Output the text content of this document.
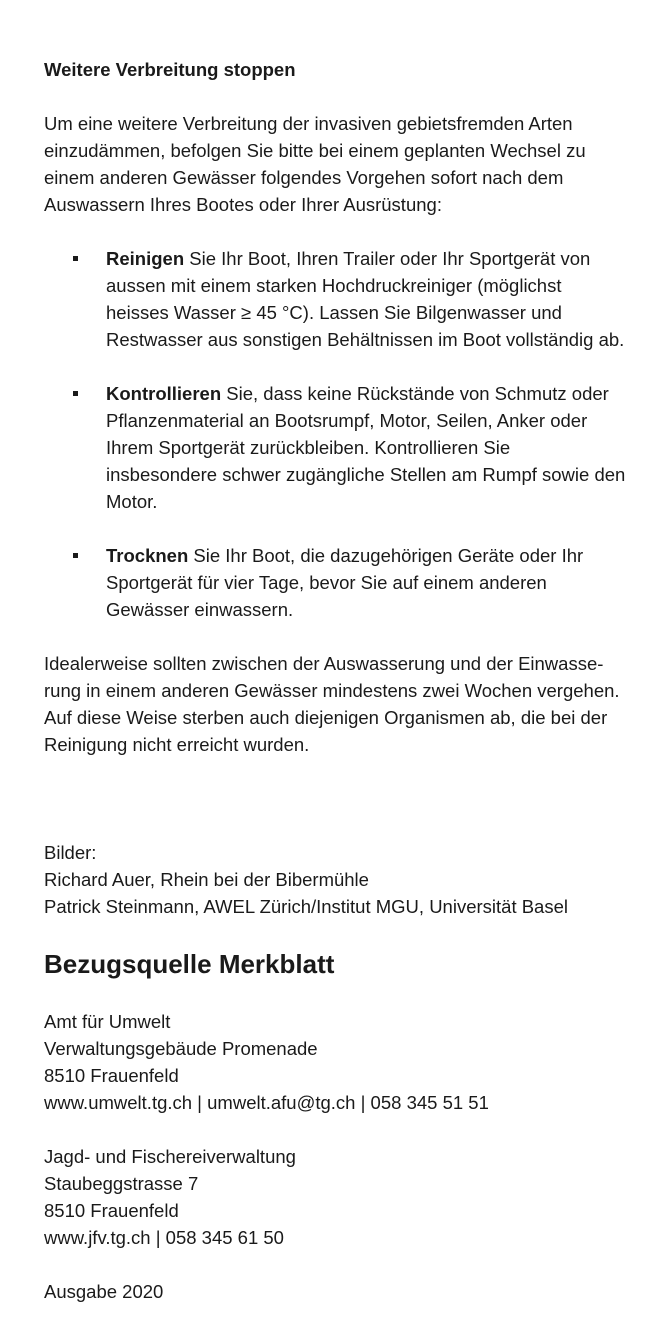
Weitere Verbreitung stoppen

Um eine weitere Verbreitung der invasiven gebietsfremden Arten einzudämmen, befolgen Sie bitte bei einem geplanten Wechsel zu einem anderen Gewässer folgendes Vorgehen sofort nach dem Auswassern Ihres Bootes oder Ihrer Ausrüstung:

Reinigen Sie Ihr Boot, Ihren Trailer oder Ihr Sportgerät von aussen mit einem starken Hochdruckreiniger (möglichst heisses Wasser ≥ 45 °C). Lassen Sie Bilgenwasser und Restwasser aus sonstigen Behältnissen im Boot vollständig ab.
Kontrollieren Sie, dass keine Rückstände von Schmutz oder Pflanzenmaterial an Bootsrumpf, Motor, Seilen, Anker oder Ihrem Sportgerät zurückbleiben. Kontrollieren Sie insbesondere schwer zugängliche Stellen am Rumpf sowie den Motor.
Trocknen Sie Ihr Boot, die dazugehörigen Geräte oder Ihr Sportgerät für vier Tage, bevor Sie auf einem anderen Gewässer einwassern.

Idealerweise sollten zwischen der Auswasserung und der Einwasse- rung in einem anderen Gewässer mindestens zwei Wochen vergehen. Auf diese Weise sterben auch diejenigen Organismen ab, die bei der Reinigung nicht erreicht wurden.

Bilder:
Richard Auer, Rhein bei der Bibermühle
Patrick Steinmann, AWEL Zürich/Institut MGU, Universität Basel
Bezugsquelle Merkblatt
Amt für Umwelt
Verwaltungsgebäude Promenade
8510 Frauenfeld
www.umwelt.tg.ch | umwelt.afu@tg.ch | 058 345 51 51
Jagd- und Fischereiverwaltung
Staubeggstrasse 7
8510 Frauenfeld
www.jfv.tg.ch | 058 345 61 50
Ausgabe 2020
